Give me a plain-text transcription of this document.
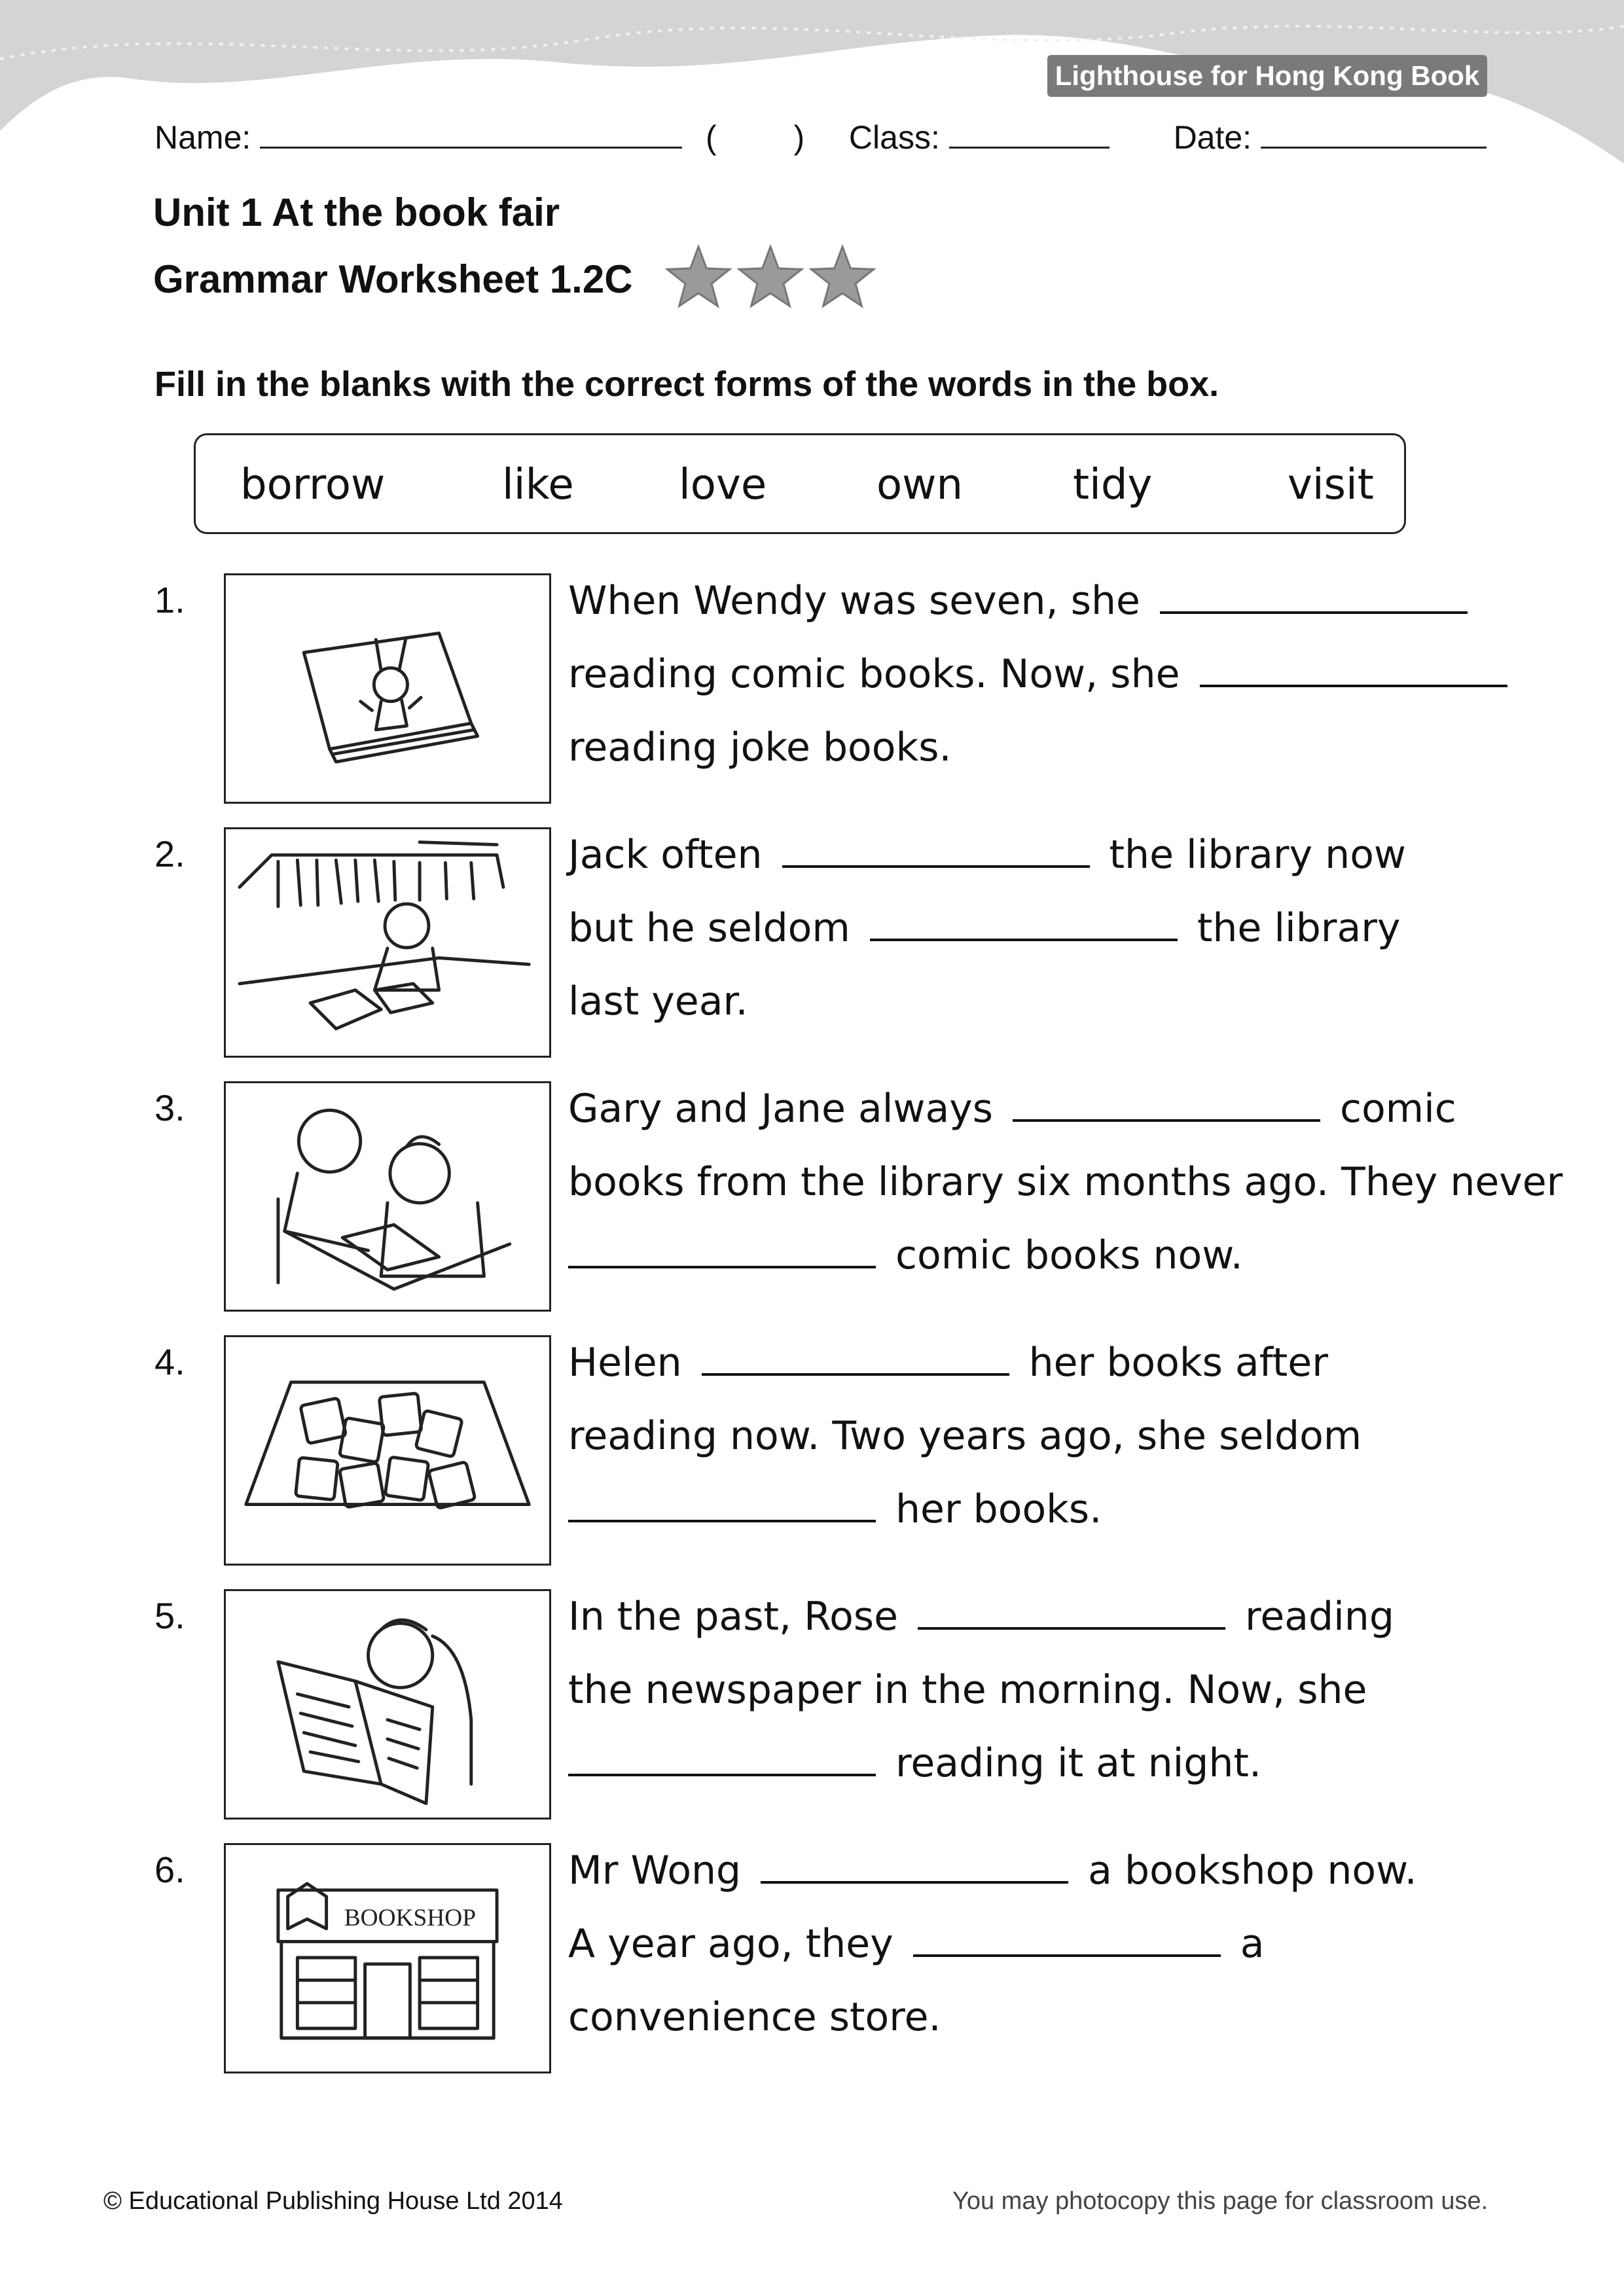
Lighthouse for Hong Kong Book 6
Name:	( ) Class:	Date:
Unit 1 At the book fair
Grammar Worksheet 1.2C
Fill in the blanks with the correct forms of the words in the box.
borrow	like	love	own	tidy	visit
1.	When Wendy was seven, she
reading comic books. Now, she
reading joke books.
2.	Jack often	the library now
but he seldom	the library
last year.
3.	Gary and Jane always	comic
books from the library six months ago. They never
comic books now.
4.	Helen	her books after
reading now. Two years ago, she seldom
her books.
5.	In the past, Rose	reading
the newspaper in the morning. Now, she
reading it at night.
6.
BOOKSHOP
Mr Wong	a bookshop now.
A year ago, they	a
convenience store.
© Educational Publishing House Ltd 2014	You may photocopy this page for classroom use.
